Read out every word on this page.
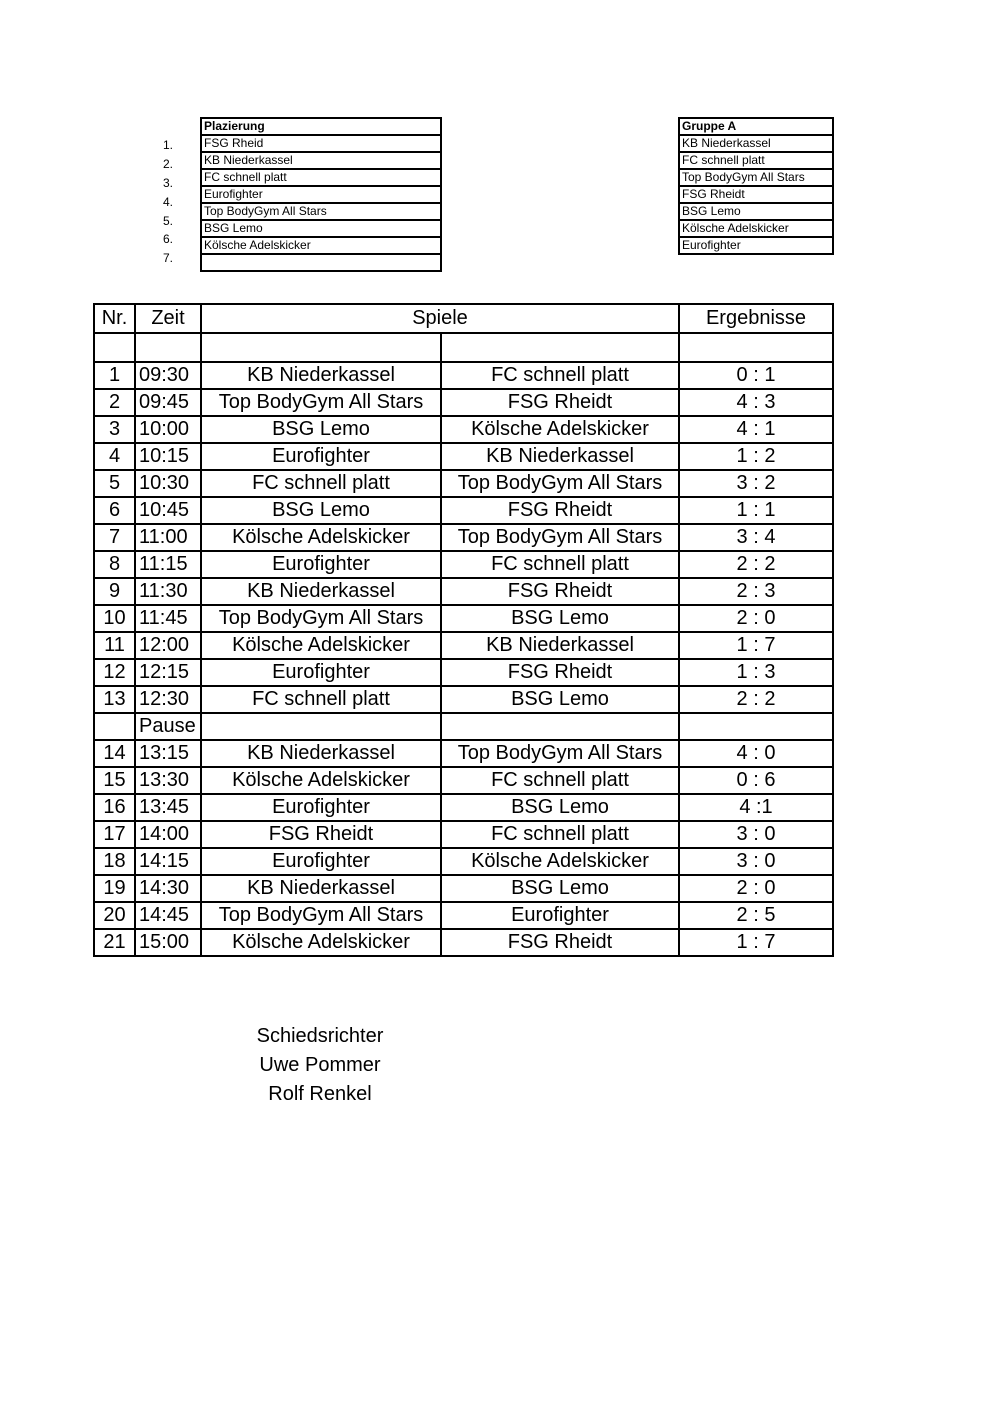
1.
2.
3.
4.
5.
6.
7.
Plazierung
FSG Rheid
KB Niederkassel
FC schnell platt
Eurofighter
Top BodyGym All Stars
BSG Lemo
Kölsche Adelskicker

Gruppe A
KB Niederkassel
FC schnell platt
Top BodyGym All Stars
FSG Rheidt
BSG Lemo
Kölsche Adelskicker
Eurofighter
Nr.	Zeit	Spiele		Ergebnisse

1	09:30	KB Niederkassel	FC schnell platt	0 : 1
2	09:45	Top BodyGym All Stars	FSG Rheidt	4 : 3
3	10:00	BSG Lemo	Kölsche Adelskicker	4 : 1
4	10:15	Eurofighter	KB Niederkassel	1 : 2
5	10:30	FC schnell platt	Top BodyGym All Stars	3 : 2
6	10:45	BSG Lemo	FSG Rheidt	1 : 1
7	11:00	Kölsche Adelskicker	Top BodyGym All Stars	3 : 4
8	11:15	Eurofighter	FC schnell platt	2 : 2
9	11:30	KB Niederkassel	FSG Rheidt	2 : 3
10	11:45	Top BodyGym All Stars	BSG Lemo	2 : 0
11	12:00	Kölsche Adelskicker	KB Niederkassel	1 : 7
12	12:15	Eurofighter	FSG Rheidt	1 : 3
13	12:30	FC schnell platt	BSG Lemo	2 : 2
	Pause			
14	13:15	KB Niederkassel	Top BodyGym All Stars	4 : 0
15	13:30	Kölsche Adelskicker	FC schnell platt	0 : 6
16	13:45	Eurofighter	BSG Lemo	4 :1
17	14:00	FSG Rheidt	FC schnell platt	3 : 0
18	14:15	Eurofighter	Kölsche Adelskicker	3 : 0
19	14:30	KB Niederkassel	BSG Lemo	2 : 0
20	14:45	Top BodyGym All Stars	Eurofighter	2 : 5
21	15:00	Kölsche Adelskicker	FSG Rheidt	1 : 7
Schiedsrichter
Uwe Pommer
Rolf Renkel
